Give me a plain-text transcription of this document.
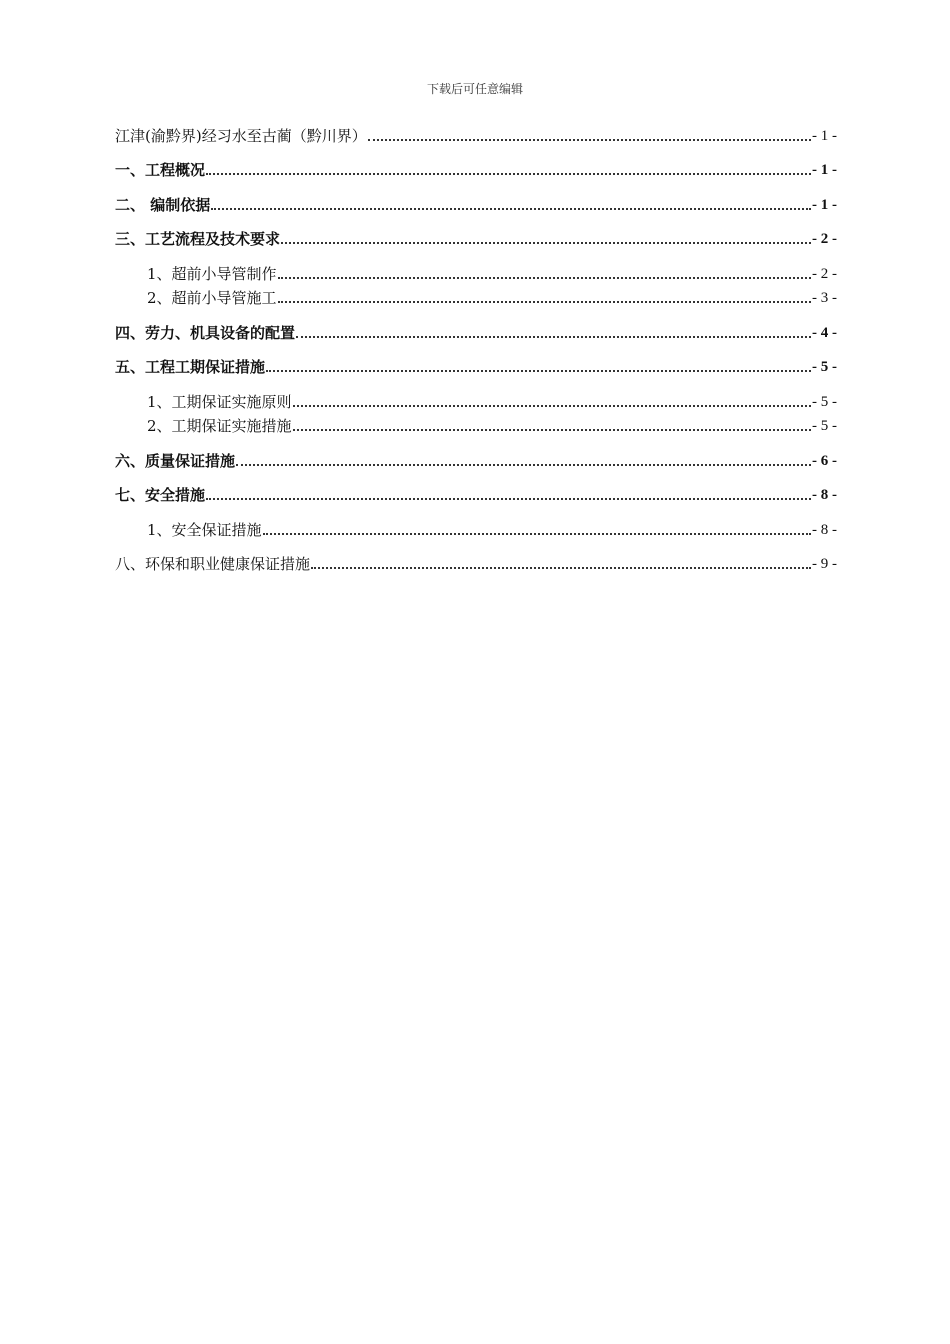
下载后可任意编辑
江津(渝黔界)经习水至古蔺（黔川界）	- 1 -
一、工程概况	- 1 -
二、 编制依据	- 1 -
三、工艺流程及技术要求	- 2 -
1、超前小导管制作	- 2 -
2、超前小导管施工	- 3 -
四、劳力、机具设备的配置	- 4 -
五、工程工期保证措施	- 5 -
1、工期保证实施原则	- 5 -
2、工期保证实施措施	- 5 -
六、质量保证措施	- 6 -
七、安全措施	- 8 -
1、安全保证措施	- 8 -
八、环保和职业健康保证措施	- 9 -
